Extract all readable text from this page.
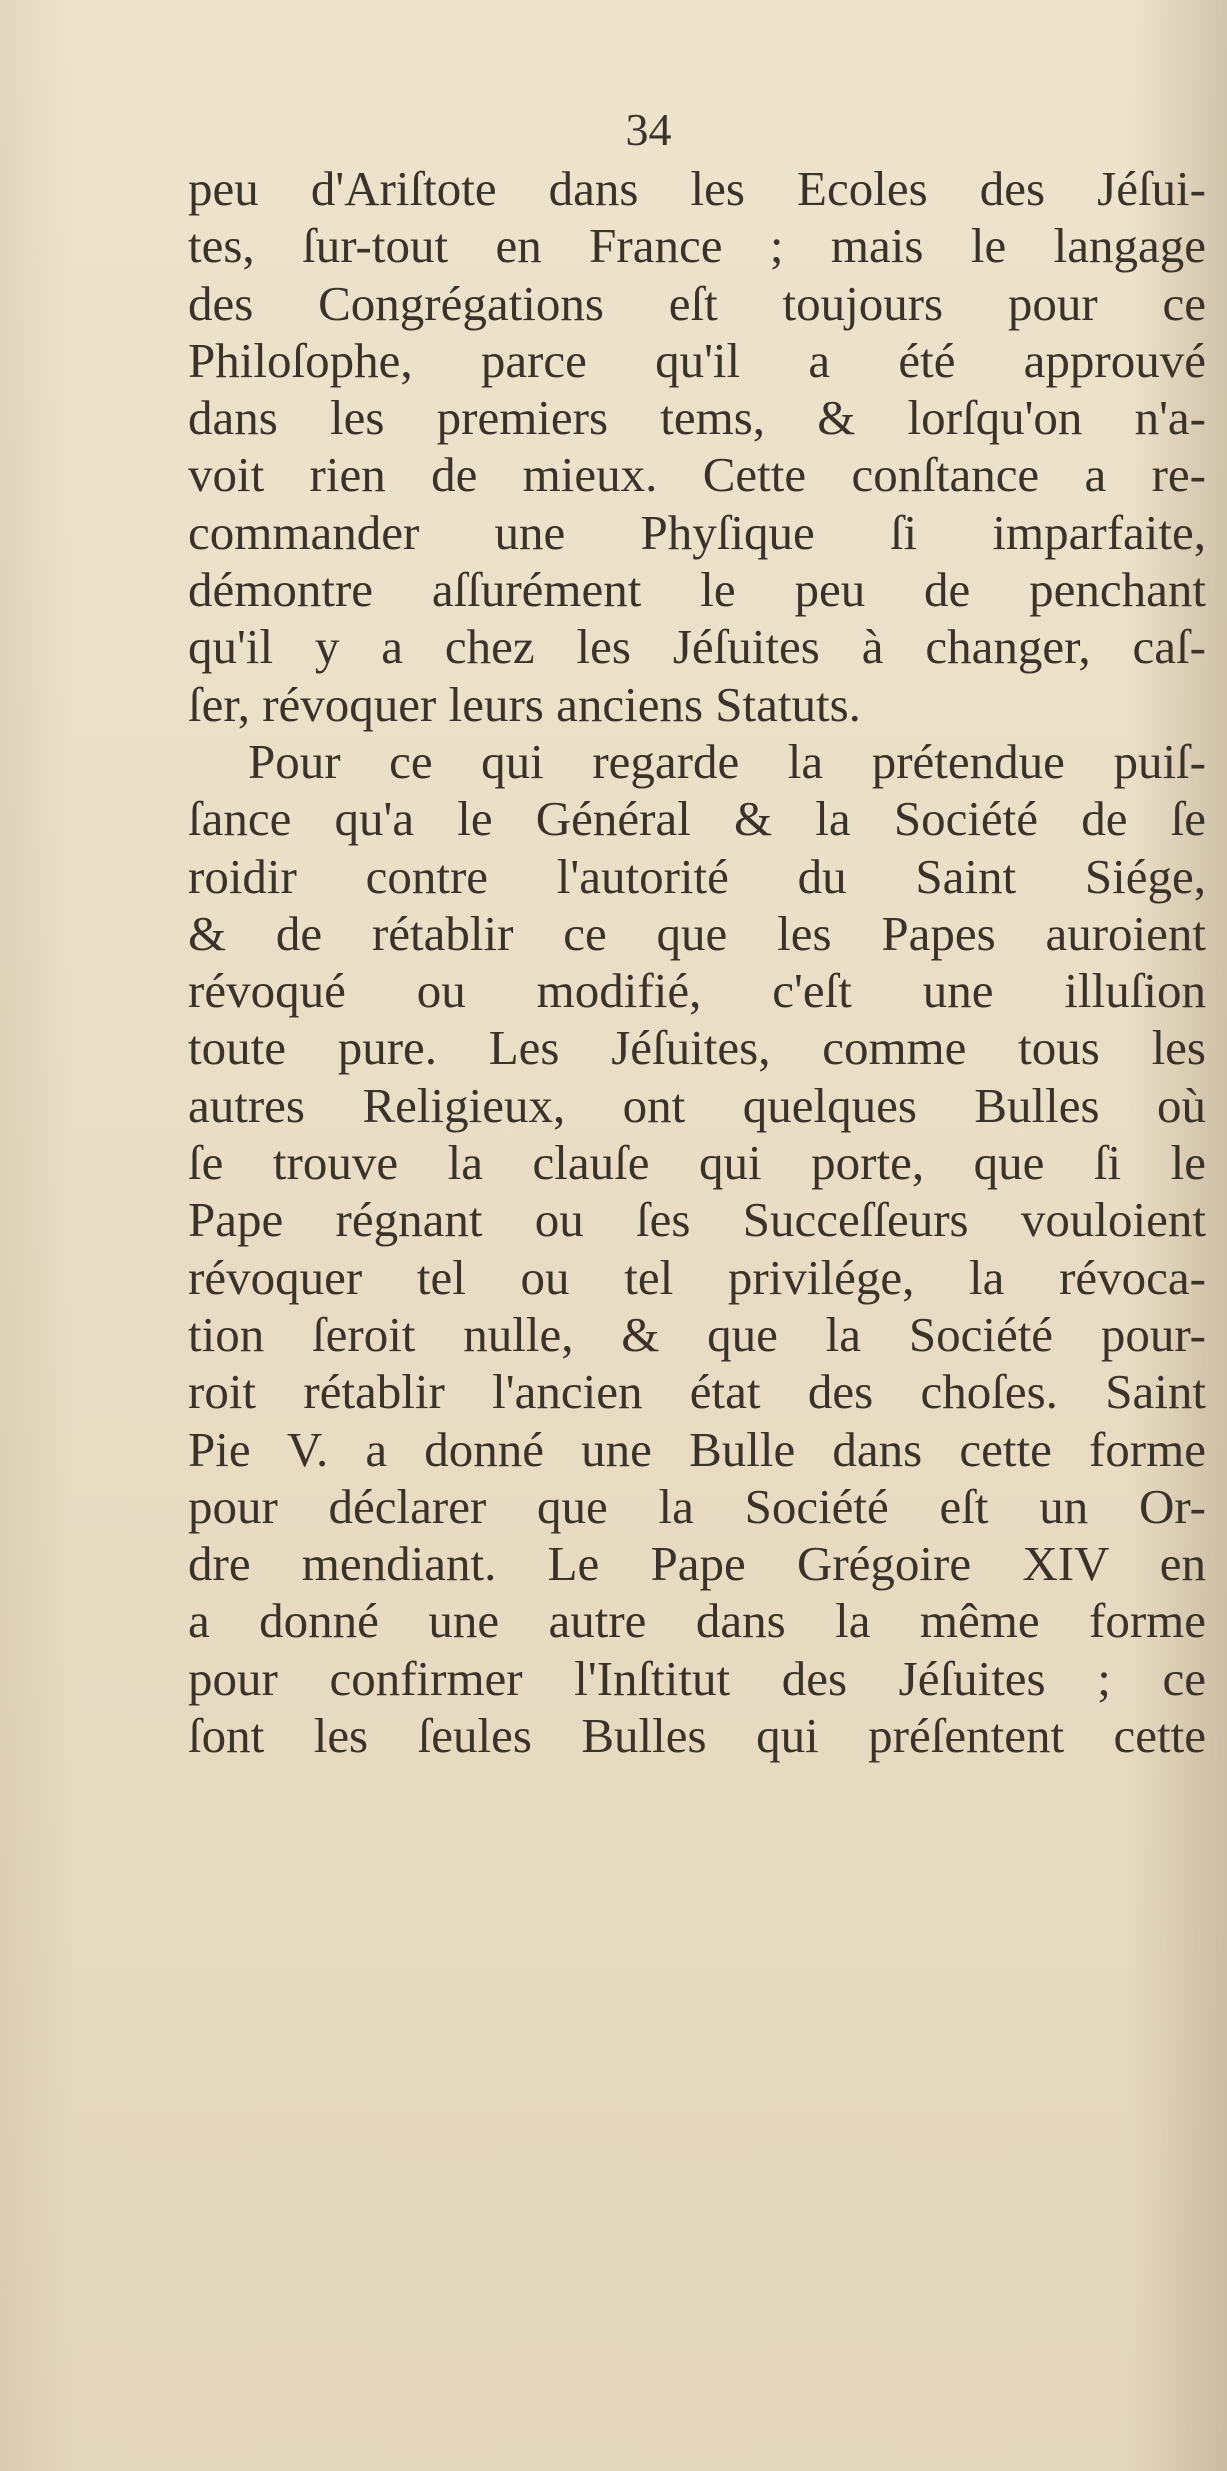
34
peu d'Ariſtote dans les Ecoles des Jéſui-
tes, ſur-tout en France ; mais le langage
des Congrégations eſt toujours pour ce
Philoſophe, parce qu'il a été approuvé
dans les premiers tems, & lorſqu'on n'a-
voit rien de mieux. Cette conſtance a re-
commander une Phyſique ſi imparfaite,
démontre aſſurément le peu de penchant
qu'il y a chez les Jéſuites à changer, caſ-
ſer, révoquer leurs anciens Statuts.
Pour ce qui regarde la prétendue puiſ-
ſance qu'a le Général & la Société de ſe
roidir contre l'autorité du Saint Siége,
& de rétablir ce que les Papes auroient
révoqué ou modifié, c'eſt une illuſion
toute pure. Les Jéſuites, comme tous les
autres Religieux, ont quelques Bulles où
ſe trouve la clauſe qui porte, que ſi le
Pape régnant ou ſes Succeſſeurs vouloient
révoquer tel ou tel privilége, la révoca-
tion ſeroit nulle, & que la Société pour-
roit rétablir l'ancien état des choſes. Saint
Pie V. a donné une Bulle dans cette forme
pour déclarer que la Société eſt un Or-
dre mendiant. Le Pape Grégoire XIV en
a donné une autre dans la même forme
pour confirmer l'Inſtitut des Jéſuites ; ce
ſont les ſeules Bulles qui préſentent cette
